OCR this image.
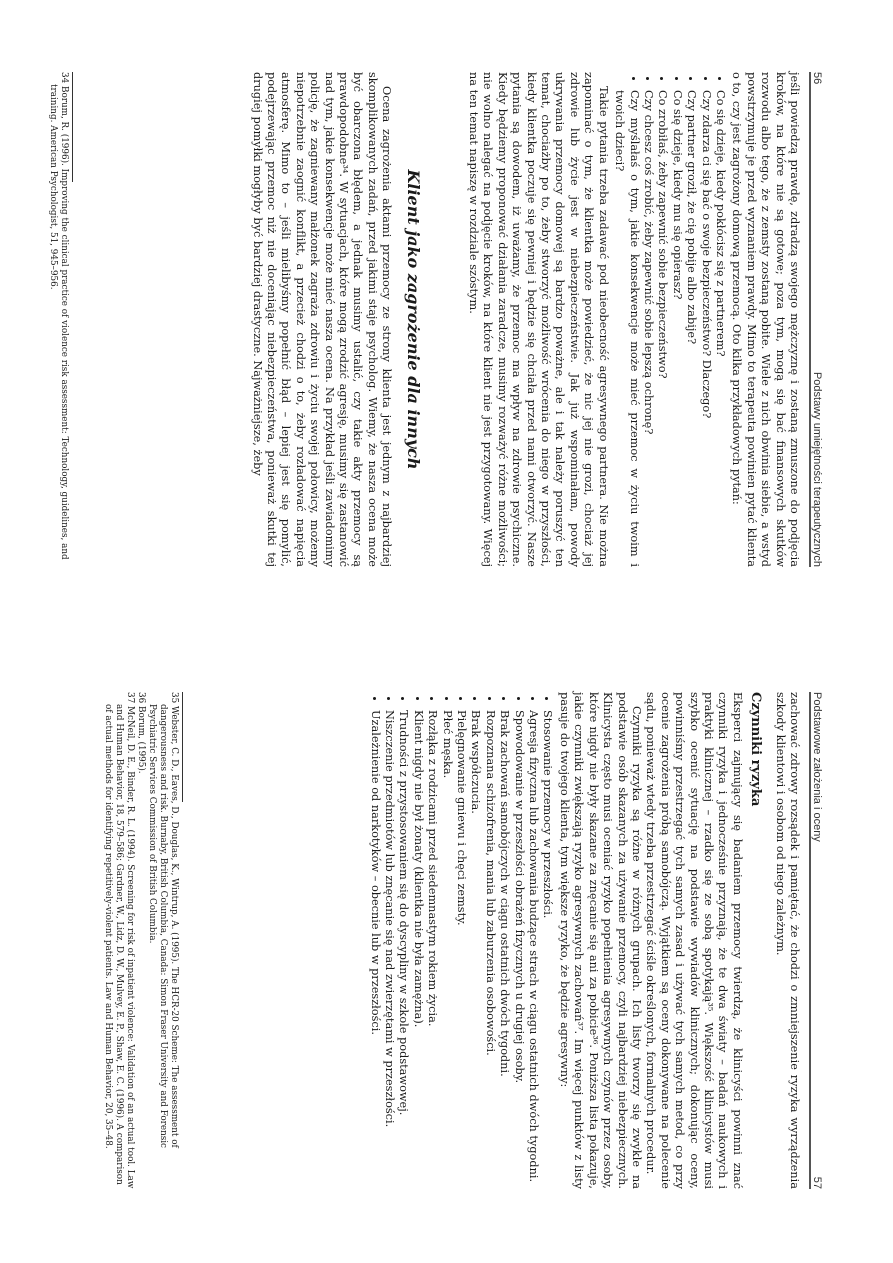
56
Podstawy umiejętności terapeutycznych

jeśli powiedzą prawdę, zdradzą swojego mężczyznę i zostaną zmuszone do podjęcia kroków, na które nie są gotowe; poza tym, mogą się bać finansowych skutków rozwodu albo tego, że z zemsty zostaną pobite. Wiele z nich obwinia siebie, a wstyd powstrzymuje je przed wyznaniem prawdy. Mimo to terapeuta powinien pytać klienta o to, czy jest zagrożony domową przemocą. Oto kilka przykładowych pytań:

• Co się dzieje, kiedy pokłócisz się z partnerem?
• Czy zdarza ci się bać o swoje bezpieczeństwo? Dlaczego?
• Czy partner groził, że cię pobije albo zabije?
• Co się dzieje, kiedy mu się opierasz?
• Co zrobiłaś, żeby zapewnić sobie bezpieczeństwo?
• Czy chcesz coś zrobić, żeby zapewnić sobie lepszą ochronę?
• Czy myślałaś o tym, jakie konsekwencje może mieć przemoc w życiu twoim i twoich dzieci?

Takie pytania trzeba zadawać pod nieobecność agresywnego partnera. Nie można zapominać o tym, że klientka może powiedzieć, że nic jej nie grozi, chociaż jej zdrowie lub życie jest w niebezpieczeństwie. Jak już wspominałam, powody ukrywania przemocy domowej są bardzo poważne, ale i tak należy poruszyć ten temat, chociażby po to, żeby stworzyć możliwość wrócenia do niego w przyszłości, kiedy klientka poczuje się pewniej i będzie się chciała przed nami otworzyć. Nasze pytania są dowodem, iż uważamy, że przemoc ma wpływ na zdrowie psychiczne. Kiedy będziemy proponować działania zaradcze, musimy rozważyć różne możliwości; nie wolno nalegać na podjęcie kroków, na które klient nie jest przygotowany. Więcej na ten temat napiszę w rozdziale szóstym.

Klient jako zagrożenie dla innych

Ocena zagrożenia aktami przemocy ze strony klienta jest jednym z najbardziej skomplikowanych zadań, przed jakimi staje psycholog. Wiemy, że nasza ocena może być obarczona błędem, a jednak musimy ustalić, czy takie akty przemocy są prawdopodobne³⁴. W sytuacjach, które mogą zrodzić agresję, musimy się zastanowić nad tym, jakie konsekwencje może mieć nasza ocena. Na przykład jeśli zawiadomimy policję, że zagniewany małżonek zagraża zdrowiu i życiu swojej połowicy, możemy niepotrzebnie zaognić konflikt, a przecież chodzi o to, żeby rozładować napięcia atmosferę. Mimo to – jeśli mielibyśmy popełnić błąd – lepiej jest się pomylić, podejrzewając przemoc niż nie doceniając niebezpieczeństwa, ponieważ skutki tej drugiej pomyłki mogłyby być bardziej drastyczne. Najważniejsze, żeby

34 Borum, R. (1996). Improving the clinical practice of violence risk assessment: Technology, guidelines, and training. American Psychologist, 51, 945–956.

Podstawowe założenia i oceny
57

zachować zdrowy rozsądek i pamiętać, że chodzi o zmniejszenie ryzyka wyrządzenia szkody klientowi i osobom od niego zależnym.

Czynniki ryzyka

Eksperci zajmujący się badaniem przemocy twierdzą, że klinicyści powinni znać czynniki ryzyka i jednocześnie przyznają, że te dwa światy – badań naukowych i praktyki klinicznej – rzadko się ze sobą spotykają³⁵. Większość klinicystów musi szybko ocenić sytuację na podstawie wywiadów klinicznych; dokonując oceny, powinniśmy przestrzegać tych samych zasad i używać tych samych metod, co przy ocenie zagrożenia próbą samobójczą. Wyjątkiem są oceny dokonywane na polecenie sądu, ponieważ wtedy trzeba przestrzegać ściśle określonych, formalnych procedur.

Czynniki ryzyka są różne w różnych grupach. Ich listy tworzy się zwykle na podstawie osób skazanych za używanie przemocy, czyli najbardziej niebezpiecznych. Klinicysta często musi oceniać ryzyko popełnienia agresywnych czynów przez osoby, które nigdy nie były skazane za znęcanie się ani za pobicie³⁶. Poniższa lista pokazuje, jakie czynniki zwiększają ryzyko agresywnych zachowań³⁷. Im więcej punktów z listy pasuje do twojego klienta, tym większe ryzyko, że będzie agresywny:

• Stosowanie przemocy w przeszłości.
• Agresja fizyczna lub zachowania budzące strach w ciągu ostatnich dwóch tygodni.
• Spowodowanie w przeszłości obrażeń fizycznych u drugiej osoby.
• Brak zachowań samobójczych w ciągu ostatnich dwóch tygodni.
• Rozpoznana schizofrenia, mania lub zaburzenia osobowości.
• Brak współczucia.
• Pielęgnowanie gniewu i chęci zemsty.
• Płeć męska.
• Rozłąka z rodzicami przed siedemnastym rokiem życia.
• Klient nigdy nie był żonaty (klientka nie była zamężna).
• Trudności z przystosowaniem się do dyscypliny w szkole podstawowej.
• Niszczenie przedmiotów lub znęcanie się nad zwierzętami w przeszłości.
• Uzależnienie od narkotyków – obecnie lub w przeszłości.

35 Webster, C. D., Eaves, D., Douglas, K., Wintrup, A. (1995). The HCR-20 Scheme: The assessment of dangerousness and risk. Burnaby, British Columbia, Canada: Simon Fraser University and Forensic Psychiatric Services Commission of British Columbia.

36 Borum, (1995).

37 McNeil, D. E., Binder, R. L. (1994). Screening for risk of inpatient violence: Validation of an actual tool. Law and Human Behavior, 18, 579–586; Gardner, W., Lidz, D. W., Mulvey, E. P., Shaw, E. C. (1996). A comparison of actual methods for identifying repetitively-violent patients. Law and Human Behavior, 20, 35–48.
